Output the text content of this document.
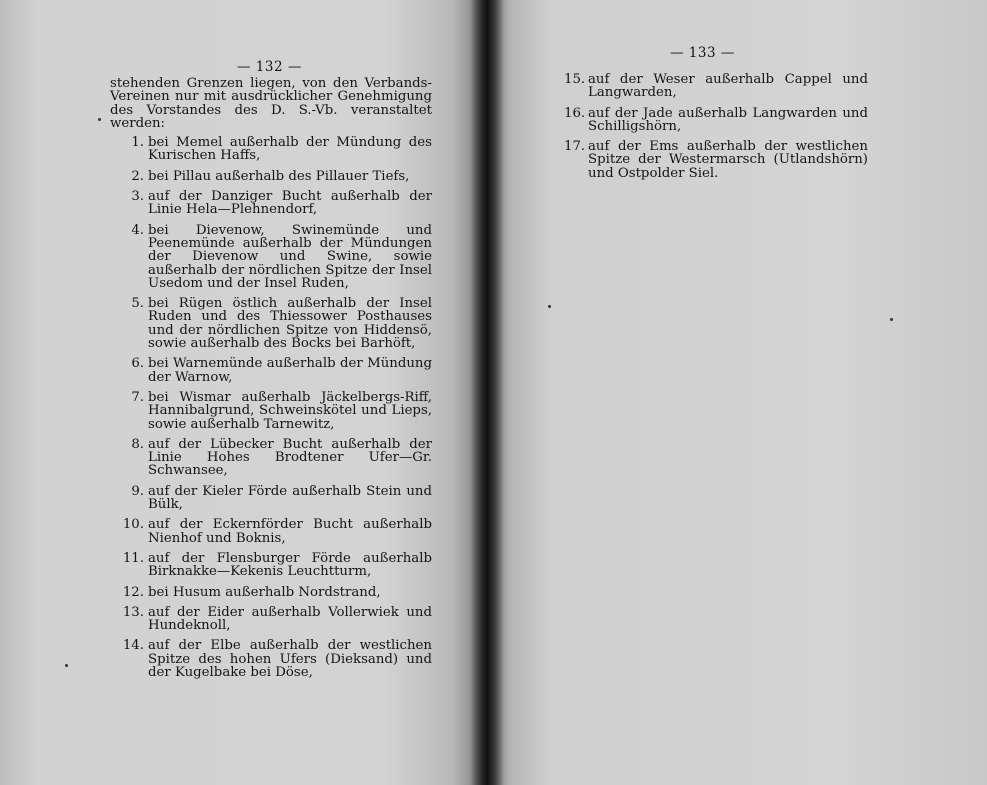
— 132 —

stehenden Grenzen liegen, von den Verbands-Vereinen nur mit ausdrücklicher Genehmigung des Vorstandes des D. S.-Vb. veranstaltet werden:

1. bei Memel außerhalb der Mündung des Kurischen Haffs,
2. bei Pillau außerhalb des Pillauer Tiefs,
3. auf der Danziger Bucht außerhalb der Linie Hela—Plehnendorf,
4. bei Dievenow, Swinemünde und Peenemünde außerhalb der Mündungen der Dievenow und Swine, sowie außerhalb der nördlichen Spitze der Insel Usedom und der Insel Ruden,
5. bei Rügen östlich außerhalb der Insel Ruden und des Thiessower Posthauses und der nördlichen Spitze von Hiddensö, sowie außerhalb des Bocks bei Barhöft,
6. bei Warnemünde außerhalb der Mündung der Warnow,
7. bei Wismar außerhalb Jäckelbergs-Riff, Hannibalgrund, Schweinskötel und Lieps, sowie außerhalb Tarnewitz,
8. auf der Lübecker Bucht außerhalb der Linie Hohes Brodtener Ufer—Gr. Schwansee,
9. auf der Kieler Förde außerhalb Stein und Bülk,
10. auf der Eckernförder Bucht außerhalb Nienhof und Boknis,
11. auf der Flensburger Förde außerhalb Birknakke—Kekenis Leuchtturm,
12. bei Husum außerhalb Nordstrand,
13. auf der Eider außerhalb Vollerwiek und Hundeknoll,
14. auf der Elbe außerhalb der westlichen Spitze des hohen Ufers (Dieksand) und der Kugelbake bei Döse,
— 133 —
15. auf der Weser außerhalb Cappel und Langwarden,
16. auf der Jade außerhalb Langwarden und Schilligshörn,
17. auf der Ems außerhalb der westlichen Spitze der Westermarsch (Utlandshörn) und Ostpolder Siel.
